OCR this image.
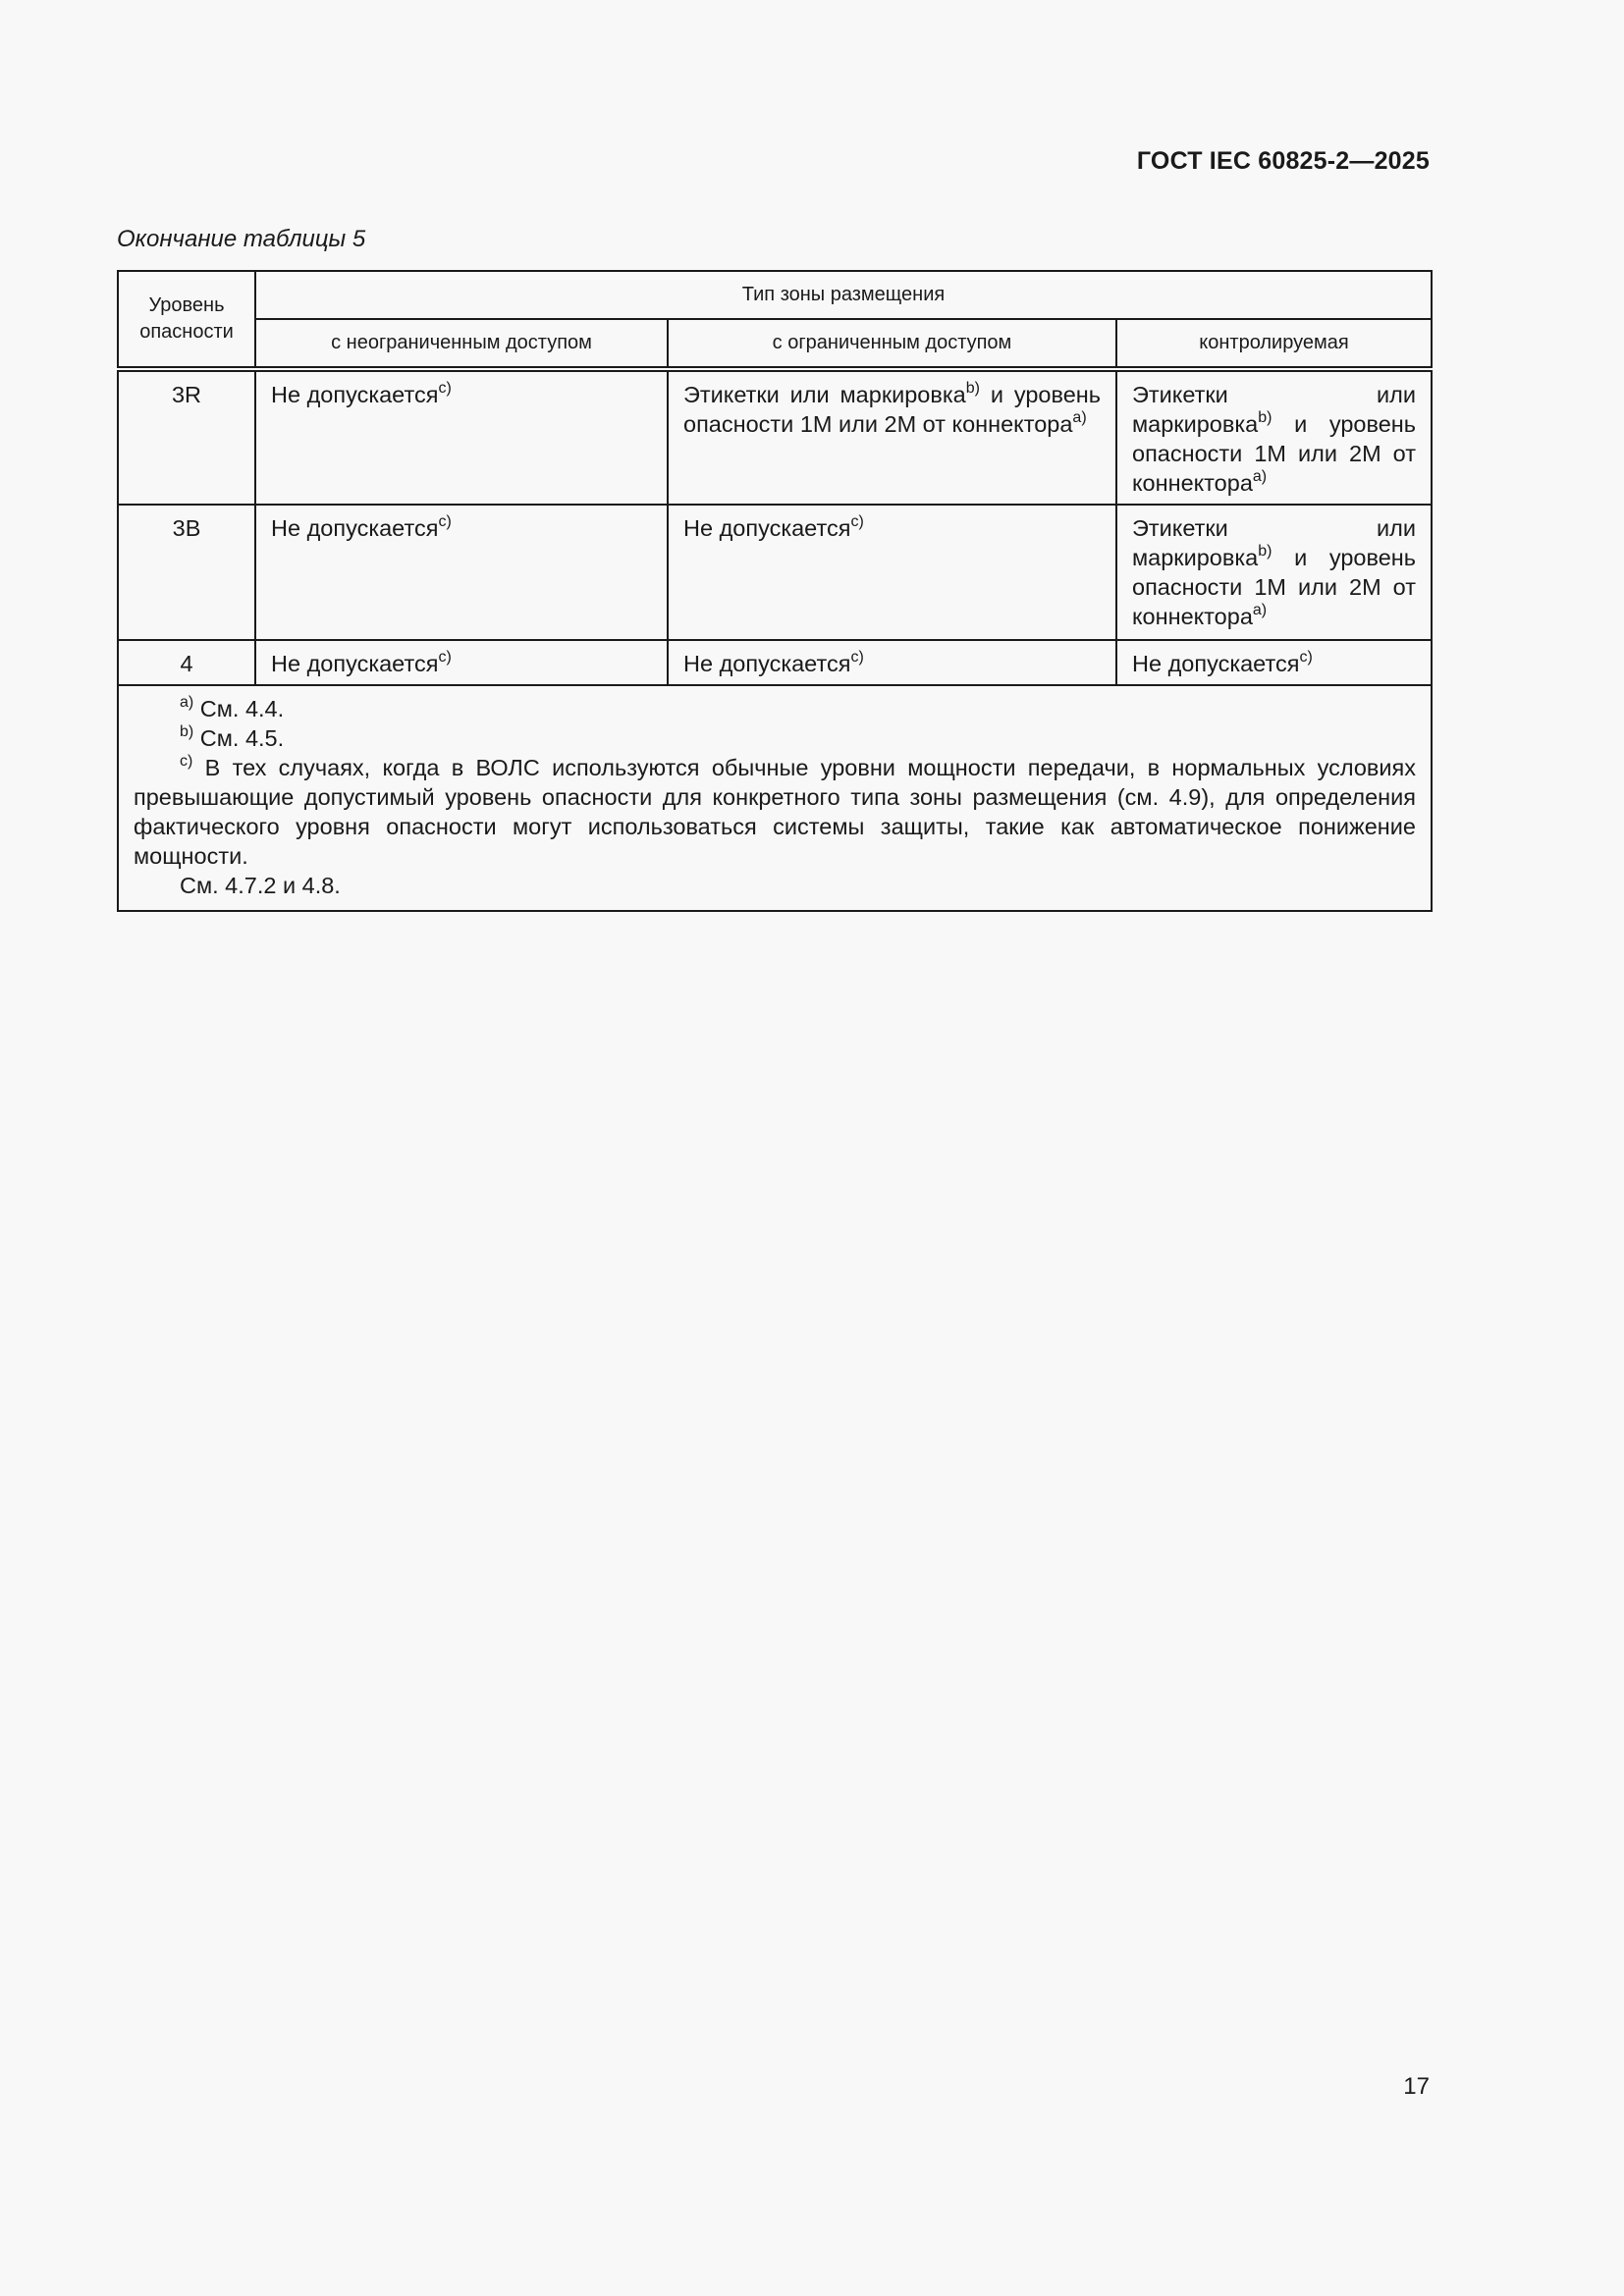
ГОСТ IEC 60825-2—2025
Окончание таблицы 5
Уровень опасности	Тип зоны размещения		
	с неограниченным доступом	с ограниченным доступом	контролируемая
3R	Не допускается$^{c)}$	Этикетки или маркировка$^{b)}$ и уровень опасности 1М или 2М от коннектора$^{a)}$	Этикетки или маркировка$^{b)}$ и уровень опасности 1М или 2М от коннектора$^{a)}$
3B	Не допускается$^{c)}$	Не допускается$^{c)}$	Этикетки или маркировка$^{b)}$ и уровень опасности 1М или 2М от коннектора$^{a)}$
4	Не допускается$^{c)}$	Не допускается$^{c)}$	Не допускается$^{c)}$

$^{a)}$ См. 4.4.
$^{b)}$ См. 4.5.
$^{c)}$ В тех случаях, когда в ВОЛС используются обычные уровни мощности передачи, в нормальных условиях превышающие допустимый уровень опасности для конкретного типа зоны размещения (см. 4.9), для определения фактического уровня опасности могут использоваться системы защиты, такие как автоматическое понижение мощности.
См. 4.7.2 и 4.8.			
17
